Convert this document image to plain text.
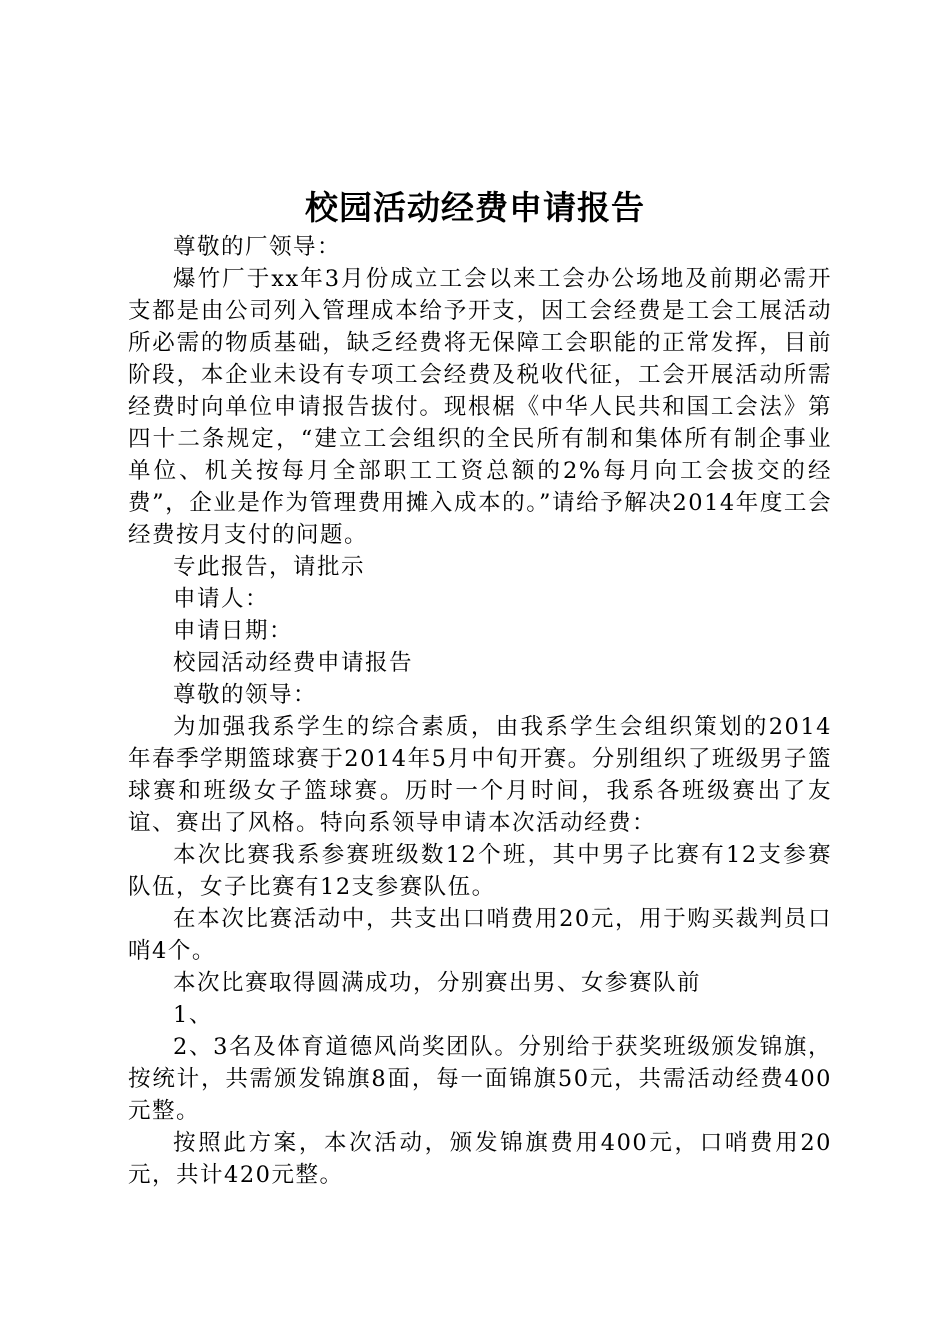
校园活动经费申请报告

尊敬的厂领导：

爆竹厂于xx年3月份成立工会以来工会办公场地及前期必需开支都是由公司列入管理成本给予开支，因工会经费是工会工展活动所必需的物质基础，缺乏经费将无保障工会职能的正常发挥，目前阶段，本企业未设有专项工会经费及税收代征，工会开展活动所需经费时向单位申请报告拔付。现根椐《中华人民共和国工会法》第四十二条规定，“建立工会组织的全民所有制和集体所有制企事业单位、机关按每月全部职工工资总额的2%每月向工会拔交的经费”，企业是作为管理费用摊入成本的。”请给予解决2014年度工会经费按月支付的问题。

专此报告，请批示

申请人：

申请日期：

校园活动经费申请报告

尊敬的领导：

为加强我系学生的综合素质，由我系学生会组织策划的2014年春季学期篮球赛于2014年5月中旬开赛。分别组织了班级男子篮球赛和班级女子篮球赛。历时一个月时间，我系各班级赛出了友谊、赛出了风格。特向系领导申请本次活动经费：

本次比赛我系参赛班级数12个班，其中男子比赛有12支参赛队伍，女子比赛有12支参赛队伍。

在本次比赛活动中，共支出口哨费用20元，用于购买裁判员口哨4个。

本次比赛取得圆满成功，分别赛出男、女参赛队前

1、

2、3名及体育道德风尚奖团队。分别给于获奖班级颁发锦旗，按统计，共需颁发锦旗8面，每一面锦旗50元，共需活动经费400元整。

按照此方案，本次活动，颁发锦旗费用400元，口哨费用20元，共计420元整。
